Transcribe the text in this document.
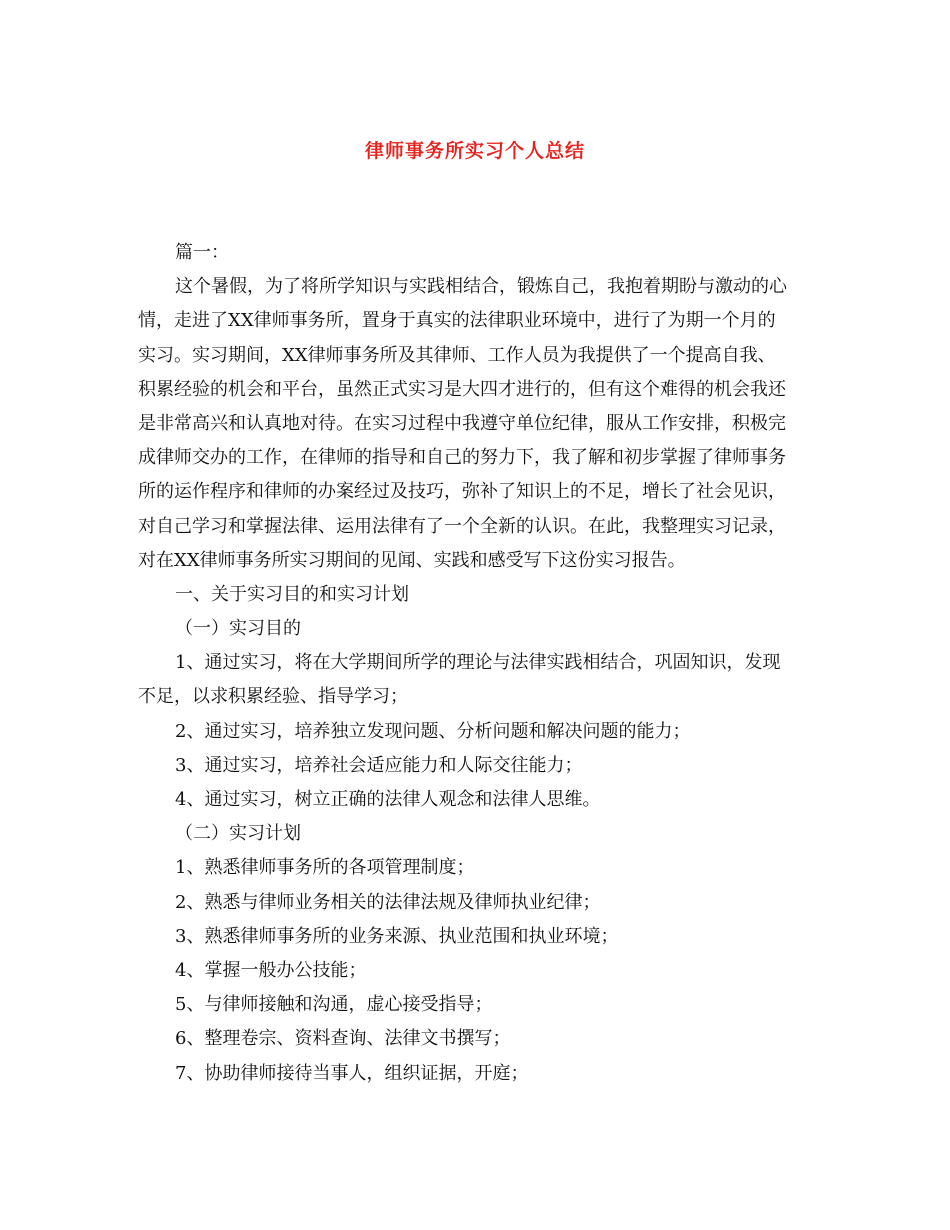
律师事务所实习个人总结
篇一：
这个暑假，为了将所学知识与实践相结合，锻炼自己，我抱着期盼与激动的心
情，走进了XX律师事务所，置身于真实的法律职业环境中，进行了为期一个月的
实习。实习期间，XX律师事务所及其律师、工作人员为我提供了一个提高自我、
积累经验的机会和平台，虽然正式实习是大四才进行的，但有这个难得的机会我还
是非常高兴和认真地对待。在实习过程中我遵守单位纪律，服从工作安排，积极完
成律师交办的工作，在律师的指导和自己的努力下，我了解和初步掌握了律师事务
所的运作程序和律师的办案经过及技巧，弥补了知识上的不足，增长了社会见识，
对自己学习和掌握法律、运用法律有了一个全新的认识。在此，我整理实习记录，
对在XX律师事务所实习期间的见闻、实践和感受写下这份实习报告。
一、关于实习目的和实习计划
（一）实习目的
1、通过实习，将在大学期间所学的理论与法律实践相结合，巩固知识，发现
不足，以求积累经验、指导学习；
2、通过实习，培养独立发现问题、分析问题和解决问题的能力；
3、通过实习，培养社会适应能力和人际交往能力；
4、通过实习，树立正确的法律人观念和法律人思维。
（二）实习计划
1、熟悉律师事务所的各项管理制度；
2、熟悉与律师业务相关的法律法规及律师执业纪律；
3、熟悉律师事务所的业务来源、执业范围和执业环境；
4、掌握一般办公技能；
5、与律师接触和沟通，虚心接受指导；
6、整理卷宗、资料查询、法律文书撰写；
7、协助律师接待当事人，组织证据，开庭；
